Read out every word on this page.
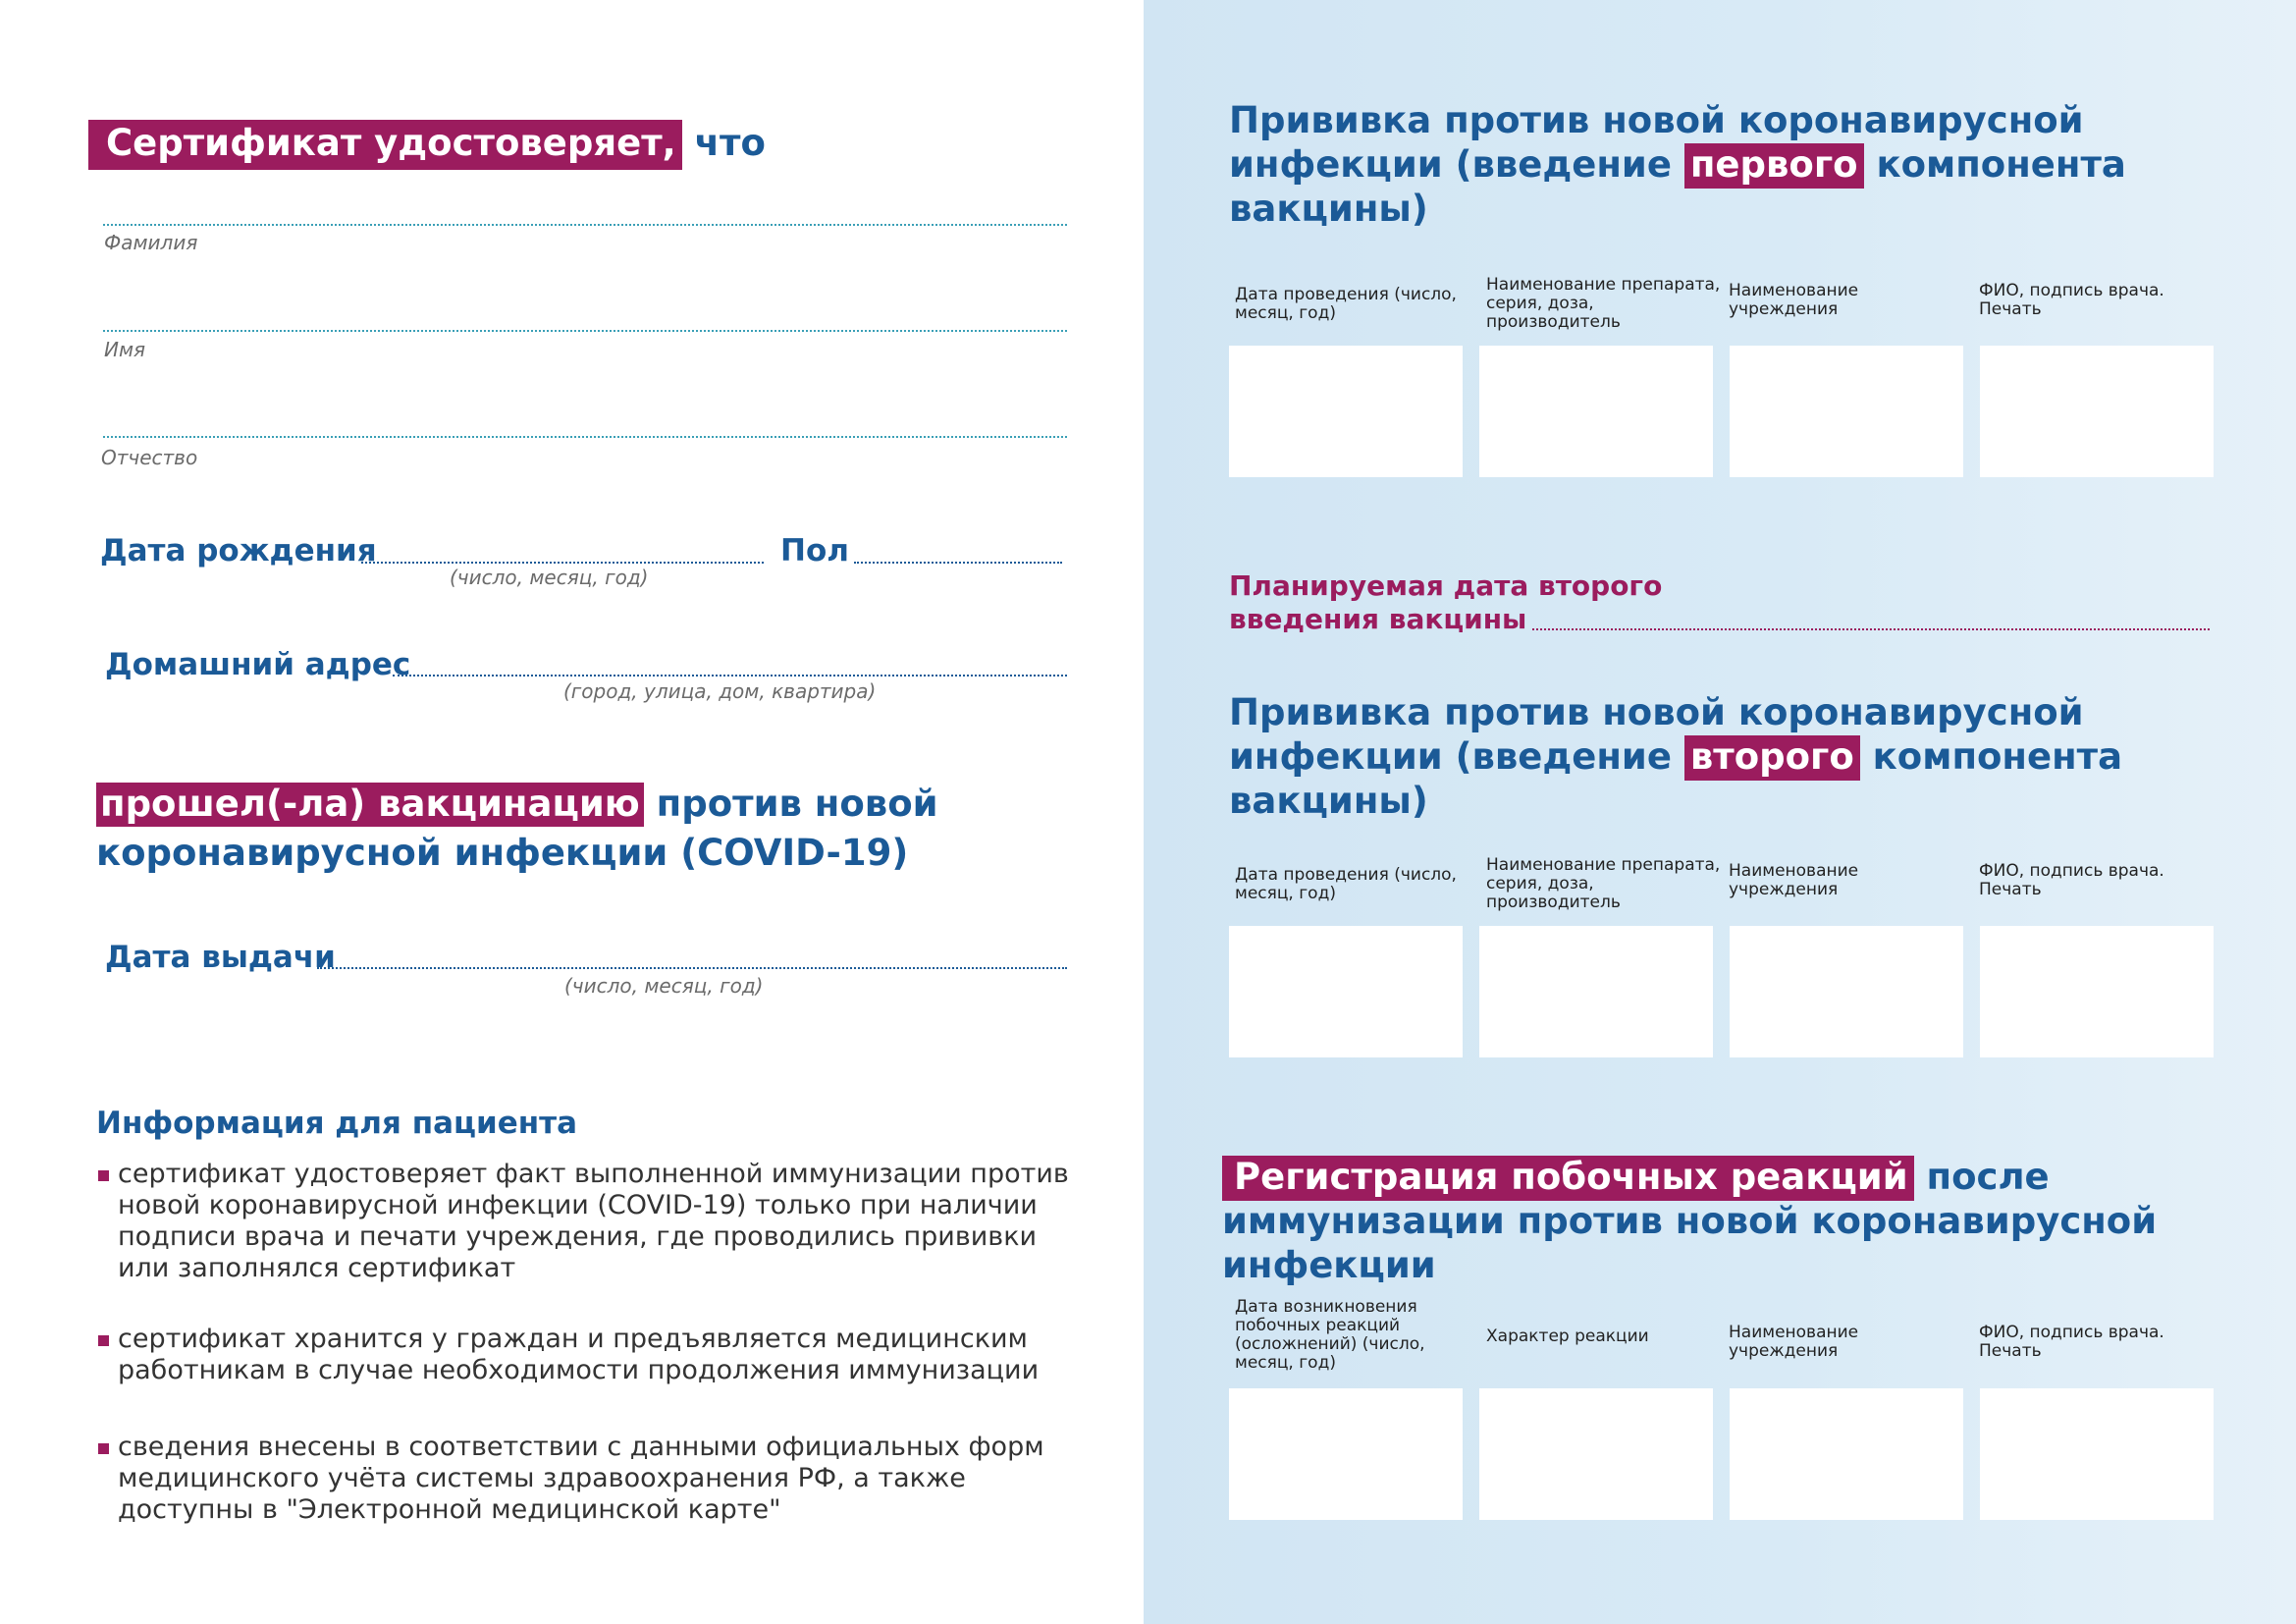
Сертификат удостоверяет, что
Фамилия
Имя
Отчество
Дата рождения
(число, месяц, год)
Пол
Домашний адрес
(город, улица, дом, квартира)
прошел(-ла) вакцинацию против новой коронавирусной инфекции (COVID-19)
Дата выдачи
(число, месяц, год)
Информация для пациента
сертификат удостоверяет факт выполненной иммунизации против новой коронавирусной инфекции (COVID-19) только при наличии подписи врача и печати учреждения, где проводились прививки или заполнялся сертификат
сертификат хранится у граждан и предъявляется медицинским работникам в случае необходимости продолжения иммунизации
сведения внесены в соответствии с данными официальных форм медицинского учёта системы здравоохранения РФ, а также доступны в "Электронной медицинской карте"
Прививка против новой коронавирусной инфекции (введение первого компонента вакцины)
Дата проведения (число, месяц, год)
Наименование препарата, серия, доза, производитель
Наименование учреждения
ФИО, подпись врача. Печать
Планируемая дата второго
введения вакцины
Прививка против новой коронавирусной инфекции (введение второго компонента вакцины)
Дата проведения (число, месяц, год)
Наименование препарата, серия, доза, производитель
Наименование учреждения
ФИО, подпись врача. Печать
Регистрация побочных реакций после иммунизации против новой коронавирусной инфекции
Дата возникновения побочных реакций (осложнений) (число, месяц, год)
Характер реакции	Наименование учреждения
ФИО, подпись врача. Печать
